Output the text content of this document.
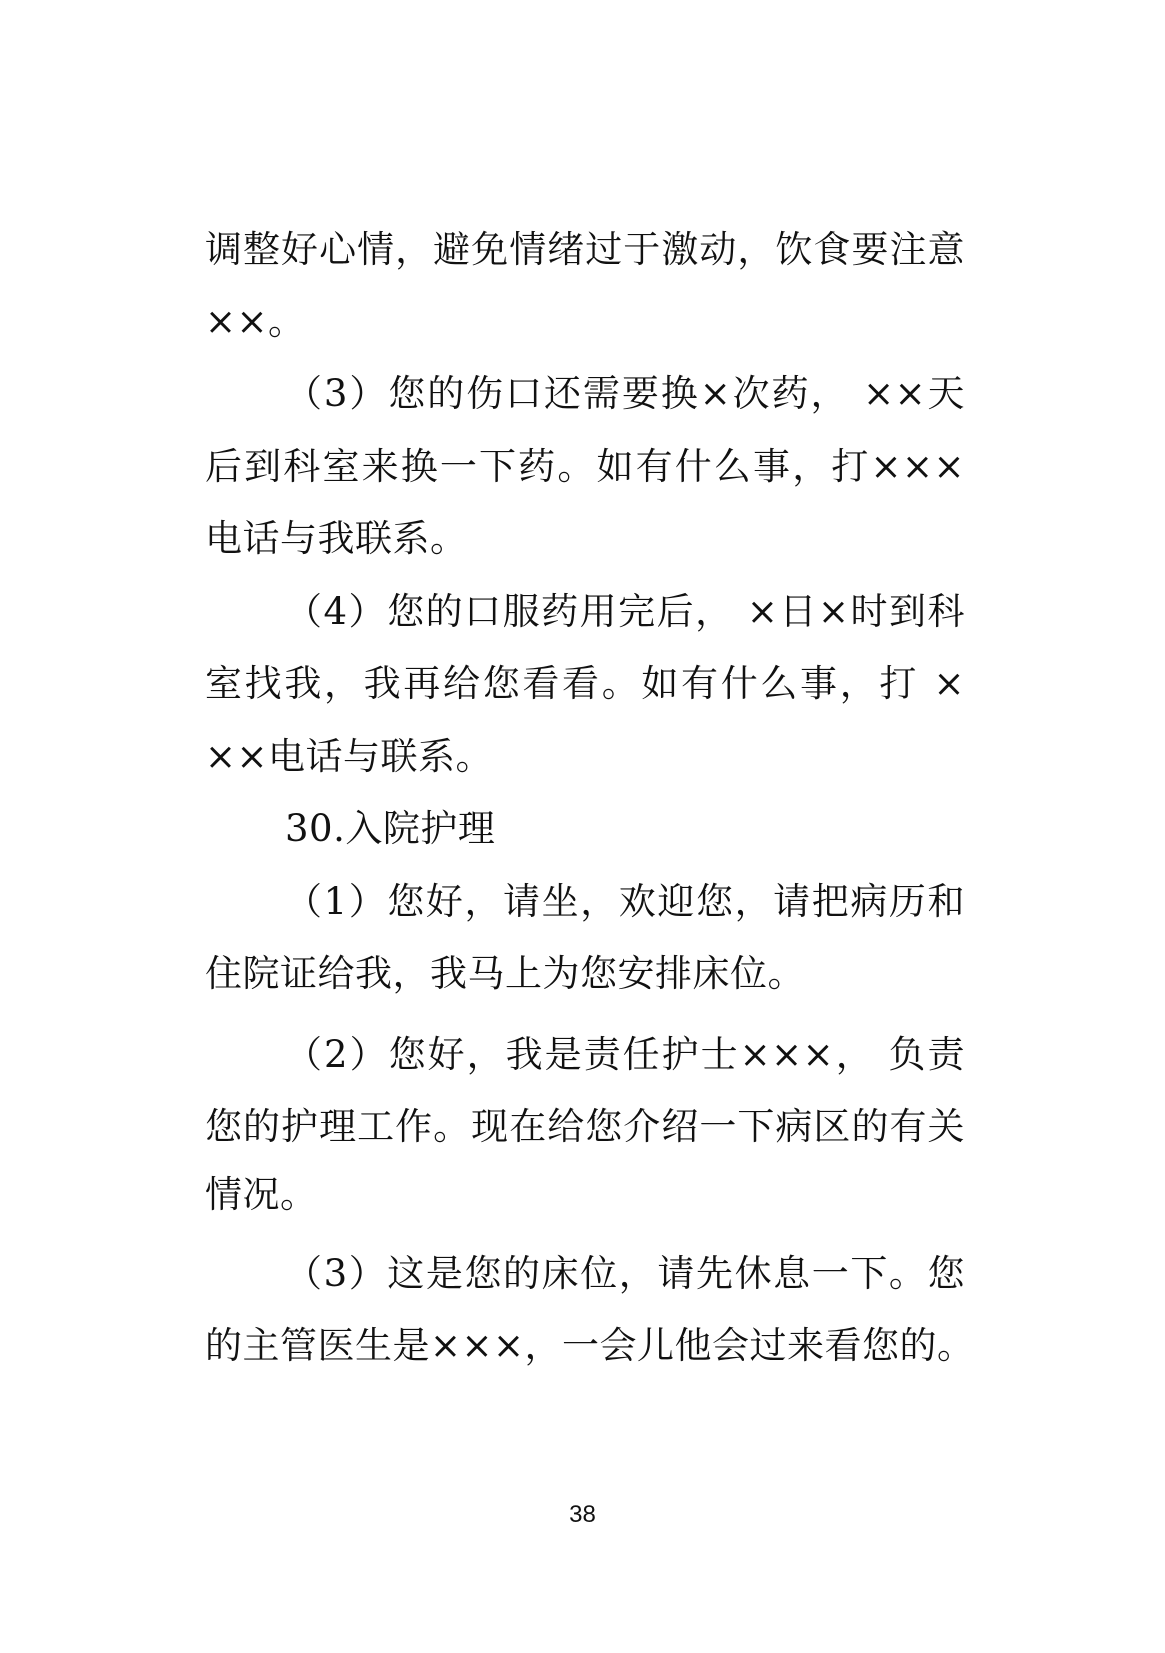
调整好心情，避免情绪过于激动，饮食要注意
××。
（3）您的伤口还需要换×次药， ××天
后到科室来换一下药。如有什么事，打×××
电话与我联系。
（4）您的口服药用完后， ×日×时到科
室找我，我再给您看看。如有什么事，打 ×
××电话与联系。
30.入院护理
（1）您好，请坐，欢迎您，请把病历和
住院证给我，我马上为您安排床位。
（2）您好，我是责任护士×××， 负责
您的护理工作。现在给您介绍一下病区的有关
情况。
（3）这是您的床位，请先休息一下。您
的主管医生是×××，一会儿他会过来看您的。
38
